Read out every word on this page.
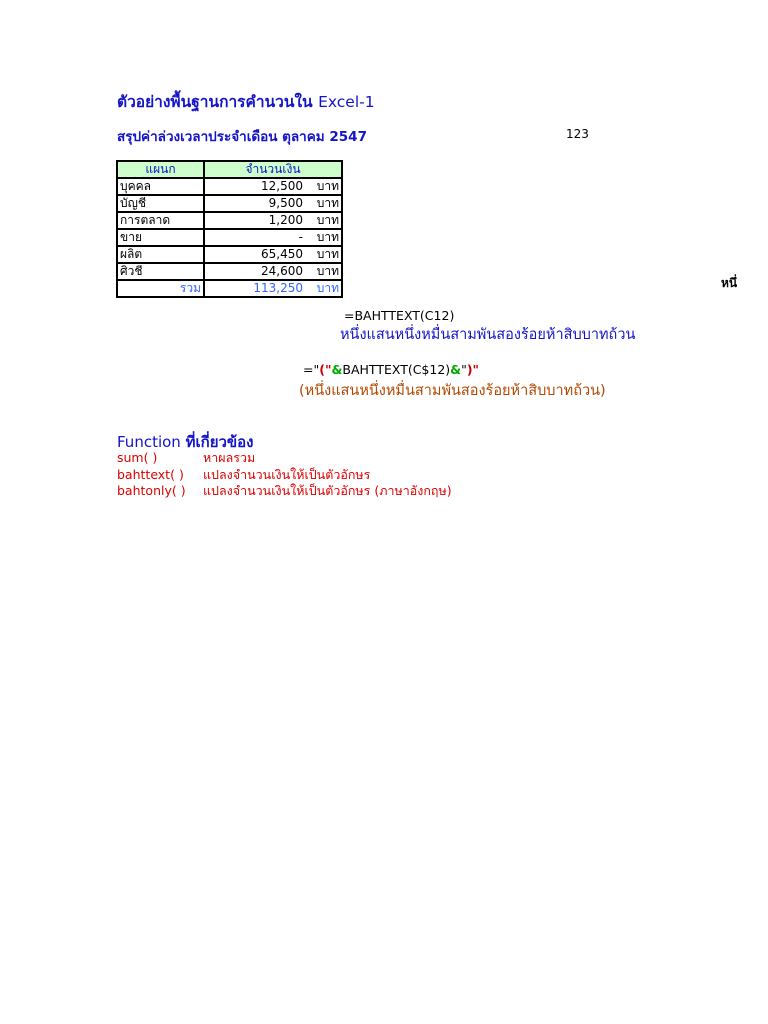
ตัวอย่างพื้นฐานการคำนวนใน Excel-1
สรุปค่าล่วงเวลาประจำเดือน ตุลาคม 2547	123
แผนก	จำนวนเงิน
บุคคล	12,500 บาท
บัญชี	9,500 บาท
การตลาด	1,200 บาท
ขาย	- บาท
ผลิต	65,450 บาท
ศิวชี	24,600 บาท
รวม	113,250 บาท	หนึ่
=BAHTTEXT(C12)
หนึ่งแสนหนึ่งหมื่นสามพันสองร้อยห้าสิบบาทถ้วน
="("&BAHTTEXT(C$12)&")"
(หนึ่งแสนหนึ่งหมื่นสามพันสองร้อยห้าสิบบาทถ้วน)
Function ที่เกี่ยวข้อง
sum( )	หาผลรวม
bahttext( ) แปลงจำนวนเงินให้เป็นตัวอักษร
bahtonly( ) แปลงจำนวนเงินให้เป็นตัวอักษร (ภาษาอังกฤษ)
